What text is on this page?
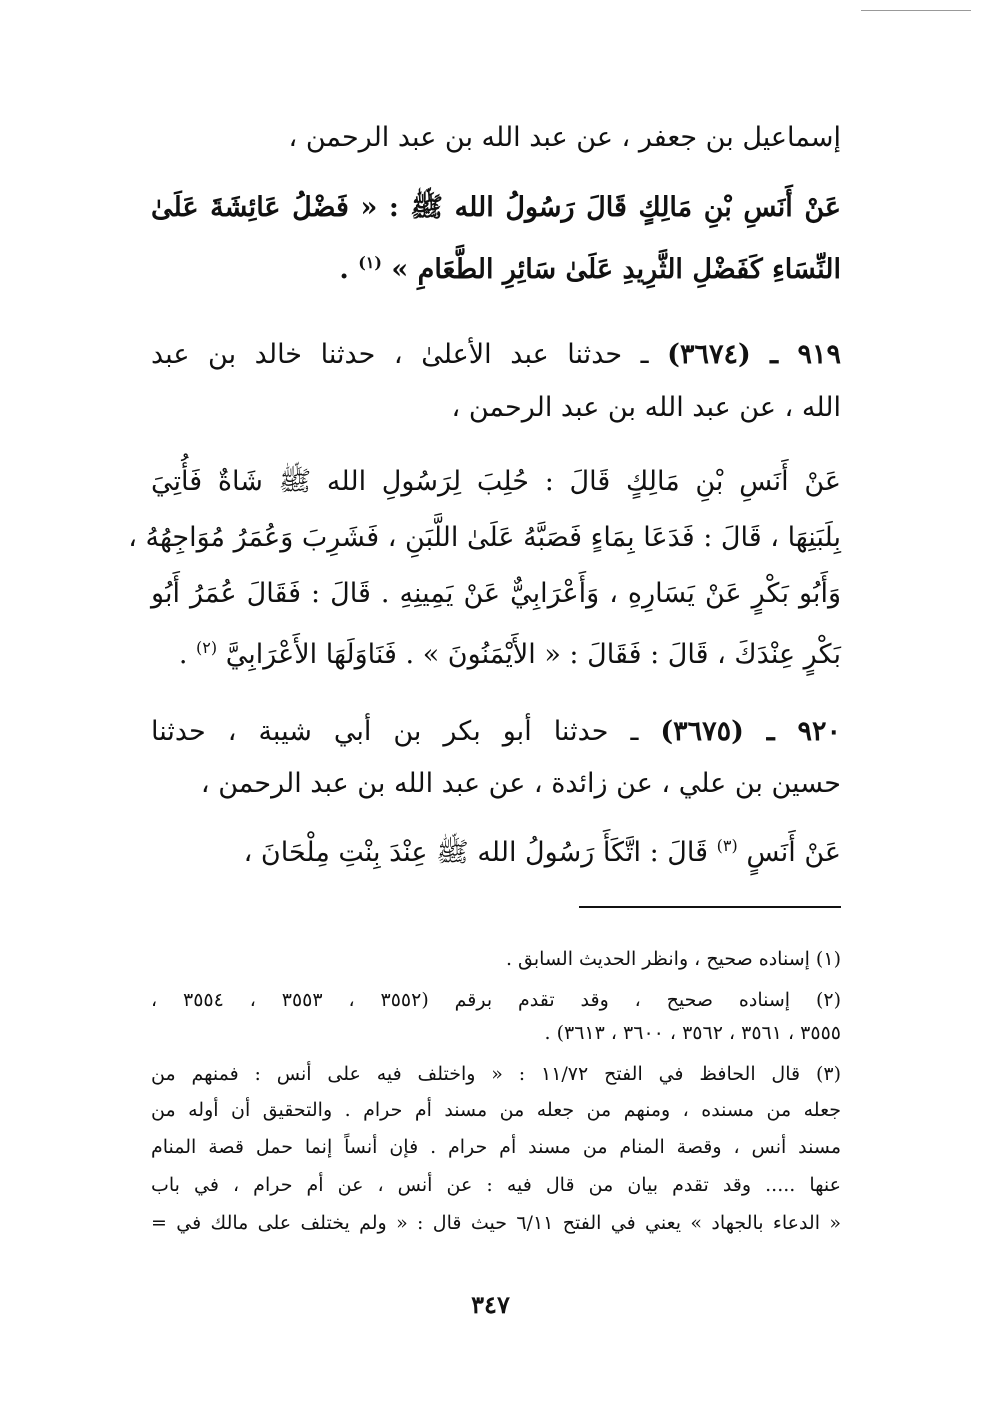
إسماعيل بن جعفر ، عن عبد الله بن عبد الرحمن ،
عَنْ أَنَسِ بْنِ مَالِكٍ قَالَ رَسُولُ الله ﷺ : « فَضْلُ عَائِشَةَ عَلَىٰ
النِّسَاءِ كَفَضْلِ الثَّرِيدِ عَلَىٰ سَائِرِ الطَّعَامِ » $^{(١)}$ .
٩١٩ ـ (٣٦٧٤) ـ حدثنا عبد الأعلىٰ ، حدثنا خالد بن عبد
الله ، عن عبد الله بن عبد الرحمن ،
عَنْ أَنَسِ بْنِ مَالِكٍ قَالَ : حُلِبَ لِرَسُولِ الله ﷺ شَاةٌ فَأُتِيَ
بِلَبَنِهَا ، قَالَ : فَدَعَا بِمَاءٍ فَصَبَّهُ عَلَىٰ اللَّبَنِ ، فَشَرِبَ وَعُمَرُ مُوَاجِهُهُ ،
وَأَبُو بَكْرٍ عَنْ يَسَارِهِ ، وَأَعْرَابِيٌّ عَنْ يَمِينِهِ . قَالَ : فَقَالَ عُمَرُ أَبُو
بَكْرٍ عِنْدَكَ ، قَالَ : فَقَالَ : « الأَيْمَنُونَ » . فَنَاوَلَهَا الأَعْرَابِيَّ $^{(٢)}$ .
٩٢٠ ـ (٣٦٧٥) ـ حدثنا أبو بكر بن أبي شيبة ، حدثنا
حسين بن علي ، عن زائدة ، عن عبد الله بن عبد الرحمن ،
عَنْ أَنَسٍ $^{(٣)}$ قَالَ : اتَّكَأَ رَسُولُ الله ﷺ عِنْدَ بِنْتِ مِلْحَانَ ،
(١) إسناده صحيح ، وانظر الحديث السابق .
(٢) إسناده صحيح ، وقد تقدم برقم (٣٥٥٢ ، ٣٥٥٣ ، ٣٥٥٤ ،
٣٥٥٥ ، ٣٥٦١ ، ٣٥٦٢ ، ٣٦٠٠ ، ٣٦١٣) .
(٣) قال الحافظ في الفتح ١١/٧٢ : « واختلف فيه على أنس : فمنهم من
جعله من مسنده ، ومنهم من جعله من مسند أم حرام . والتحقيق أن أوله من
مسند أنس ، وقصة المنام من مسند أم حرام . فإن أنساً إنما حمل قصة المنام
عنها ..... وقد تقدم بيان من قال فيه : عن أنس ، عن أم حرام ، في باب
« الدعاء بالجهاد » يعني في الفتح ٦/١١ حيث قال : « ولم يختلف على مالك في =
٣٤٧
